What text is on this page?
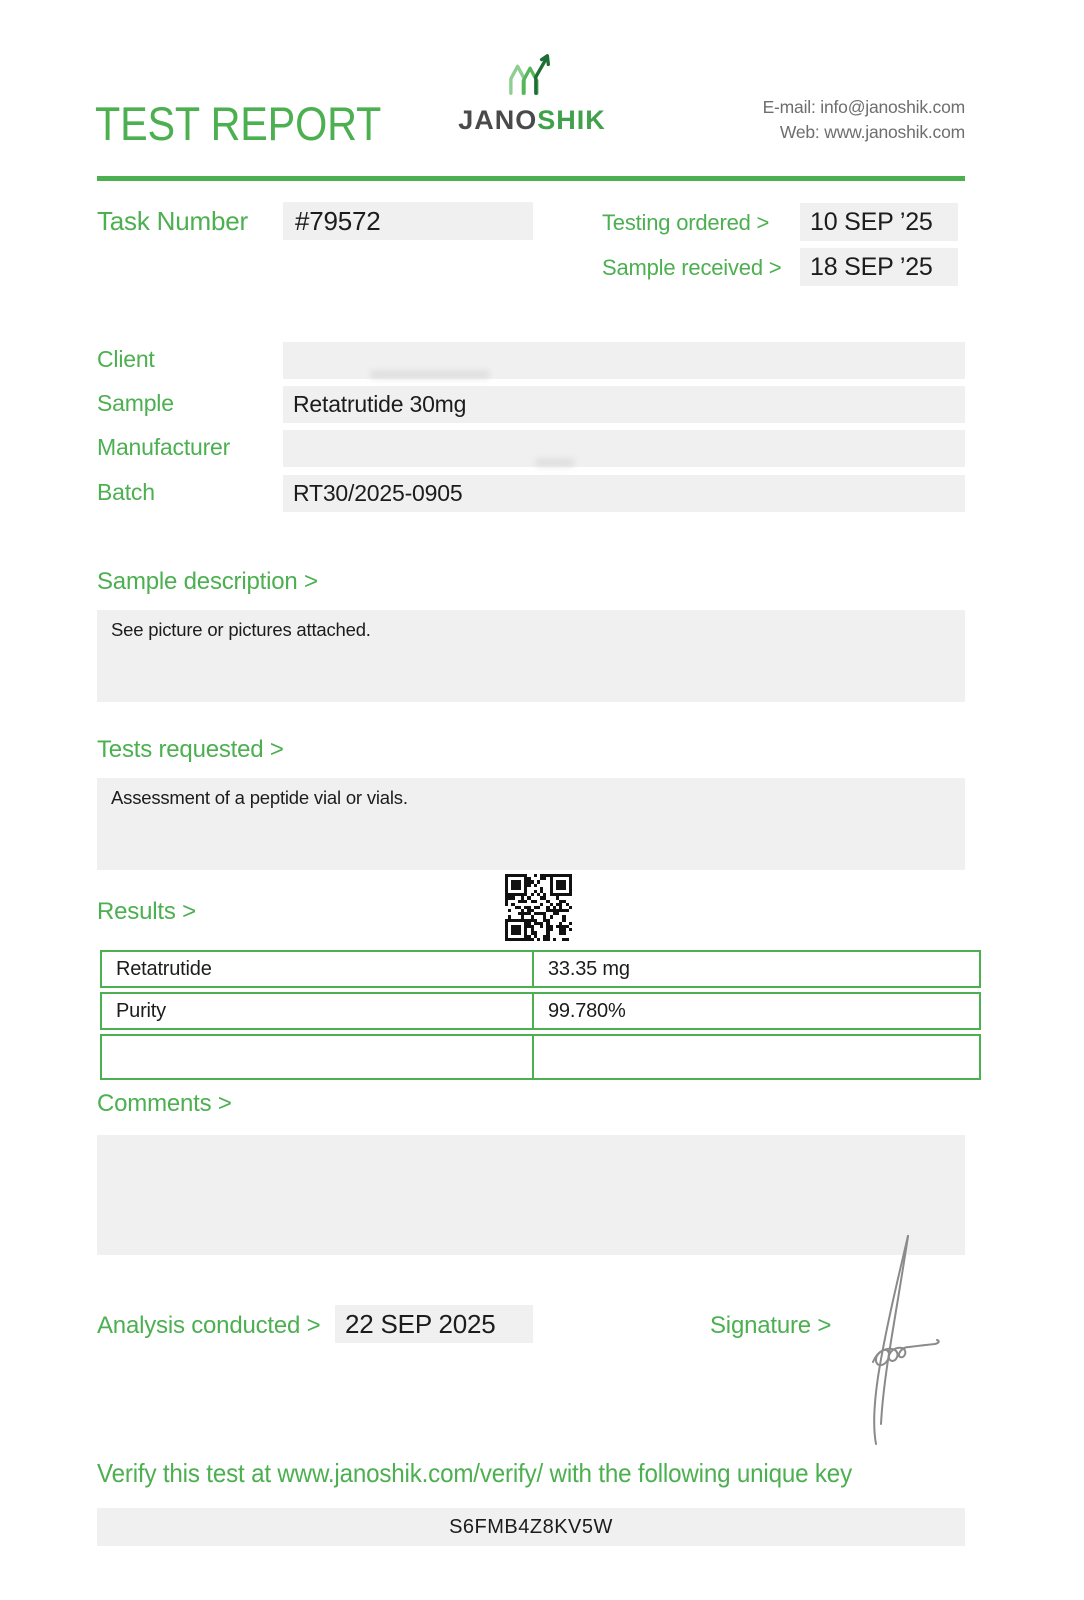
TEST REPORT	JANOSHIK	E-mail: info@janoshik.com
Web: www.janoshik.com
Task Number	#79572	Testing ordered >	10 SEP ’25
Sample received >	18 SEP ’25
Client
Sample	Retatrutide 30mg
Manufacturer
Batch	RT30/2025-0905
Sample description >
See picture or pictures attached.
Tests requested >
Assessment of a peptide vial or vials.
Results >
Retatrutide	33.35 mg
Purity	99.780%
Comments >
Analysis conducted > 22 SEP 2025	Signature >
Verify this test at www.janoshik.com/verify/ with the following unique key
S6FMB4Z8KV5W
